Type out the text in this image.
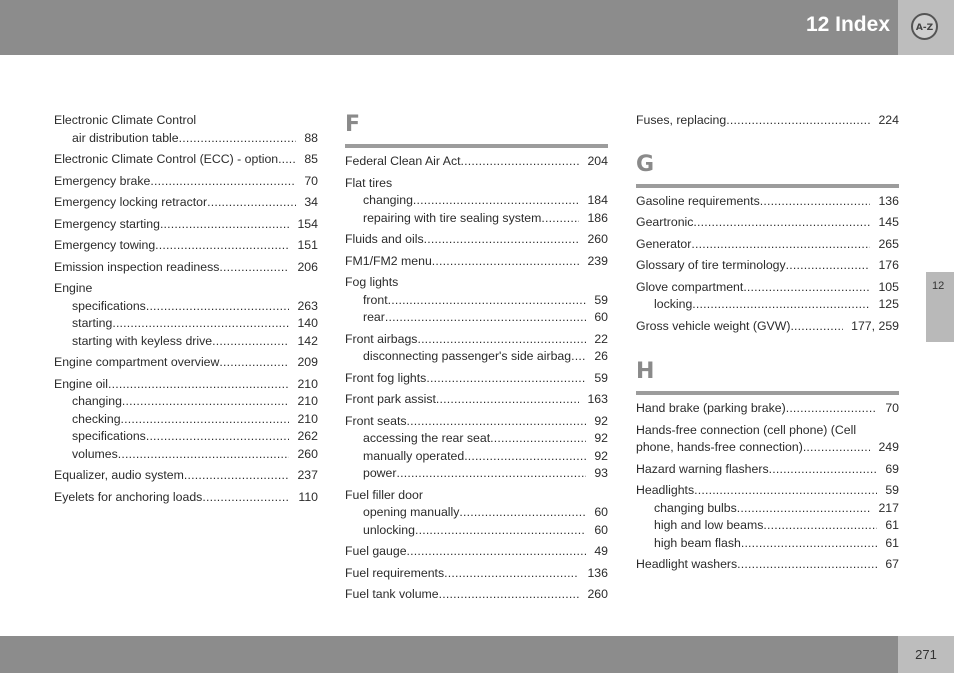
12 Index	A-Z
12
Electronic Climate Control
air distribution table .....	88
Electronic Climate Control (ECC) - option. .....	85
Emergency brake .....	70
Emergency locking retractor .....	34
Emergency starting .....	154
Emergency towing .....	151
Emission inspection readiness .....	206
Engine
specifications .....	263
starting .....	140
starting with keyless drive .....	142
Engine compartment overview .....	209
Engine oil .....	210
changing .....	210
checking .....	210
specifications .....	262
volumes .....	260
Equalizer, audio system .....	237
Eyelets for anchoring loads .....	110
F
Federal Clean Air Act .....	204
Flat tires
changing .....	184
repairing with tire sealing system .....	186
Fluids and oils .....	260
FM1/FM2 menu .....	239
Fog lights
front .....	59
rear .....	60
Front airbags .....	22
disconnecting passenger's side airbag .....	26
Front fog lights .....	59
Front park assist .....	163
Front seats .....	92
accessing the rear seat .....	92
manually operated .....	92
power .....	93
Fuel filler door
opening manually .....	60
unlocking .....	60
Fuel gauge .....	49
Fuel requirements .....	136
Fuel tank volume .....	260
Fuses, replacing .....	224
G
Gasoline requirements .....	136
Geartronic .....	145
Generator .....	265
Glossary of tire terminology .....	176
Glove compartment .....	105
locking .....	125
Gross vehicle weight (GVW) .....	177, 259
H
Hand brake (parking brake) .....	70
Hands-free connection (cell phone) (Cell
phone, hands-free connection) .....	249
Hazard warning flashers .....	69
Headlights .....	59
changing bulbs .....	217
high and low beams .....	61
high beam flash .....	61
Headlight washers .....	67
271
